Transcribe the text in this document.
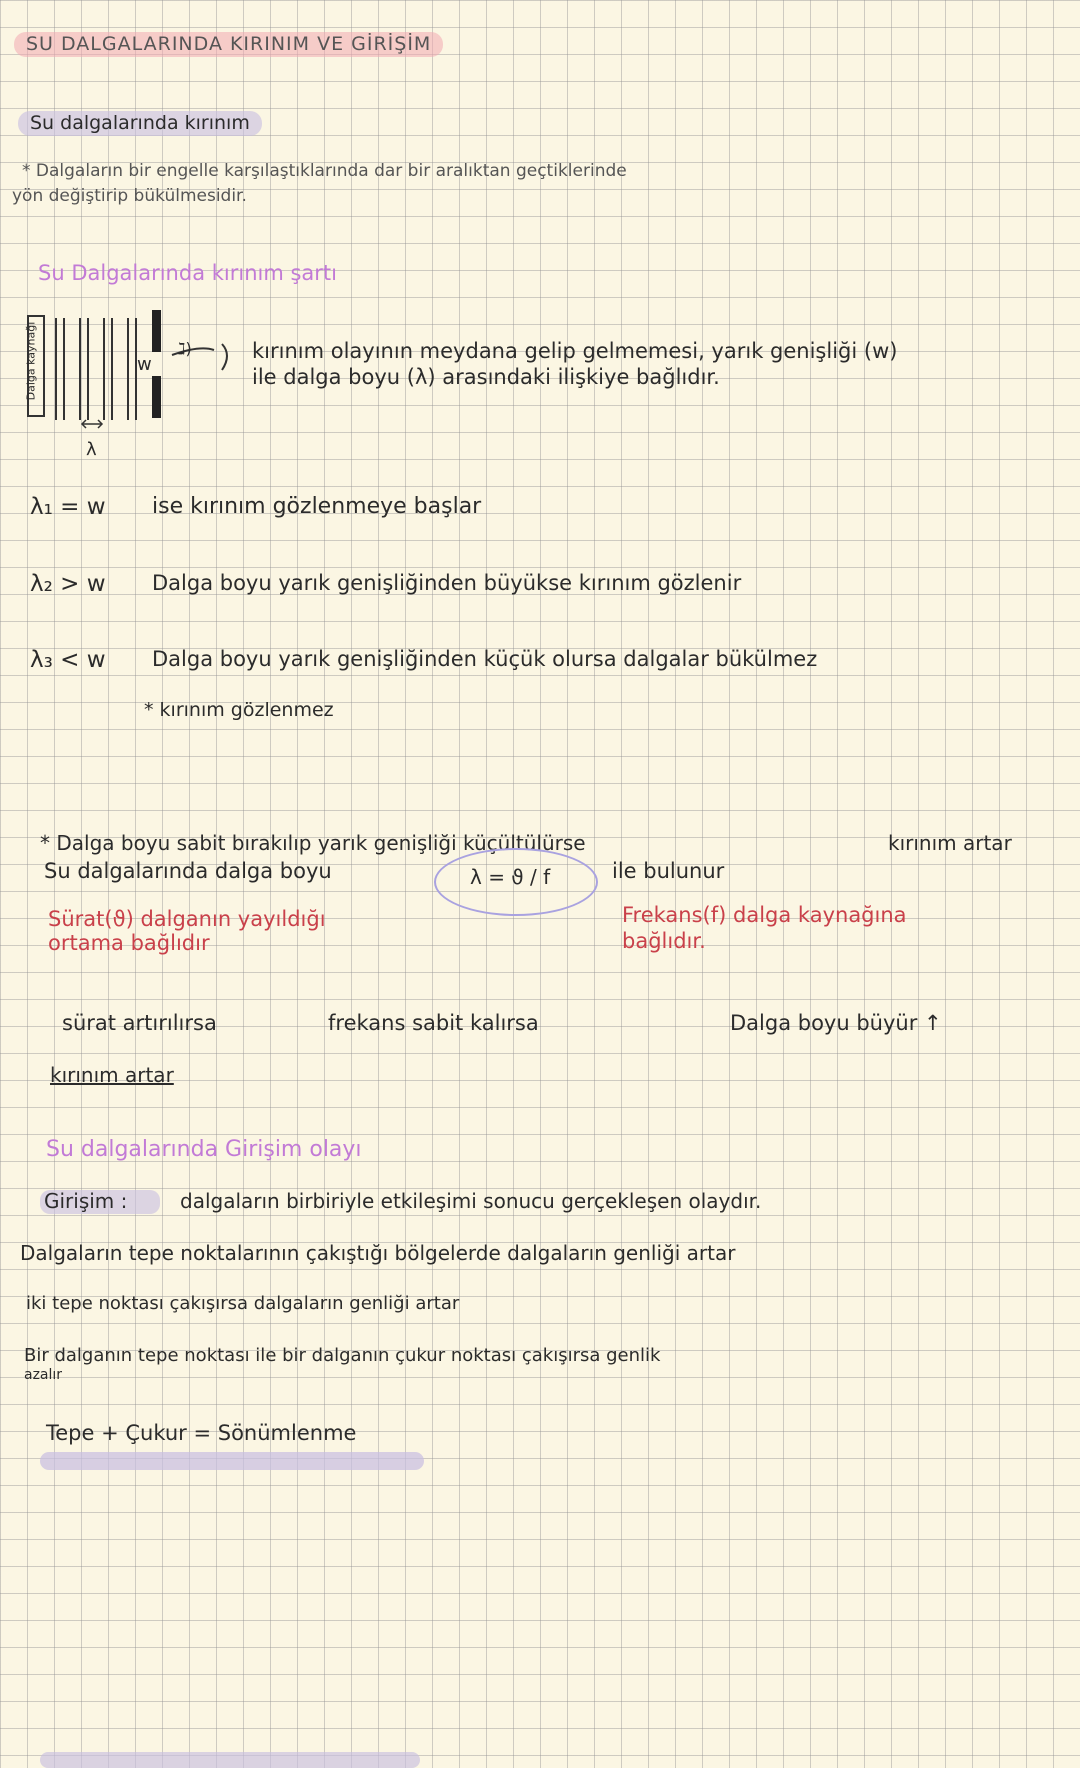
SU DALGALARINDA KIRINIM VE GİRİŞİM
Su dalgalarında kırınım
* Dalgaların bir engelle karşılaştıklarında dar bir aralıktan geçtiklerinde
yön değiştirip bükülmesidir.
Su Dalgalarında kırınım şartı
Dalga kaynağı	w
λ
ℷ)	kırınım olayının meydana gelip gelmemesi, yarık genişliği (w)
ile dalga boyu (λ) arasındaki ilişkiye bağlıdır.
λ₁ = w ise kırınım gözlenmeye başlar
λ₂ > w Dalga boyu yarık genişliğinden büyükse kırınım gözlenir
λ₃ < w Dalga boyu yarık genişliğinden küçük olursa dalgalar bükülmez
* kırınım gözlenmez
* Dalga boyu sabit bırakılıp yarık genişliği küçültülürse	kırınım artar
Su dalgalarında dalga boyu	λ = ϑ / f	ile bulunur
Sürat(ϑ) dalganın yayıldığı
ortama bağlıdır
Frekans(f) dalga kaynağına
bağlıdır.
sürat artırılırsa	frekans sabit kalırsa	Dalga boyu büyür ↑
kırınım artar
Su dalgalarında Girişim olayı
Girişim :	dalgaların birbiriyle etkileşimi sonucu gerçekleşen olaydır.
Dalgaların tepe noktalarının çakıştığı bölgelerde dalgaların genliği artar
iki tepe noktası çakışırsa dalgaların genliği artar
Bir dalganın tepe noktası ile bir dalganın çukur noktası çakışırsa genlik
azalır
Tepe + Çukur = Sönümlenme
